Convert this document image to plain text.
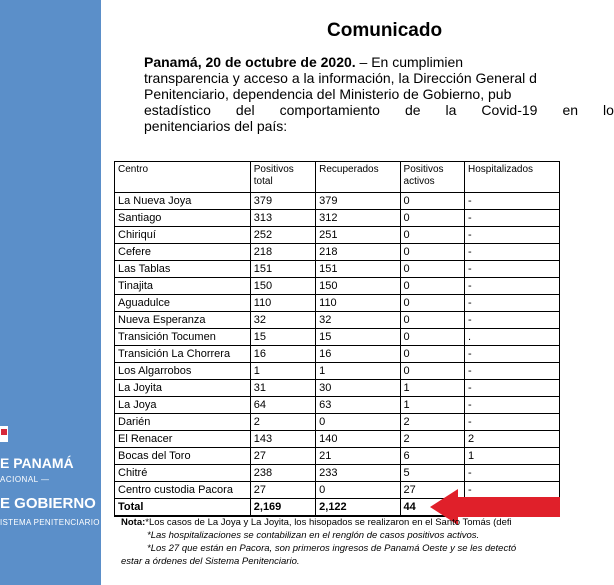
E PANAMÁ
ACIONAL —
E GOBIERNO
ISTEMA PENITENCIARIO
Comunicado
Panamá, 20 de octubre de 2020. – En cumplimien
transparencia y acceso a la información, la Dirección General d
Penitenciario, dependencia del Ministerio de Gobierno, pub
estadístico del comportamiento de la Covid-19 en lo
penitenciarios del país:
Centro	Positivos total	Recuperados	Positivos activos	Hospitalizados
La Nueva Joya	379	379	0	-
Santiago	313	312	0	-
Chiriquí	252	251	0	-
Cefere	218	218	0	-
Las Tablas	151	151	0	-
Tinajita	150	150	0	-
Aguadulce	110	110	0	-
Nueva Esperanza	32	32	0	-
Transición Tocumen	15	15	0	.
Transición La Chorrera	16	16	0	-
Los Algarrobos	1	1	0	-
La Joyita	31	30	1	-
La Joya	64	63	1	-
Darién	2	0	2	-
El Renacer	143	140	2	2
Bocas del Toro	27	21	6	1
Chitré	238	233	5	-
Centro custodia Pacora	27	0	27	-
Total	2,169	2,122	44	
Nota:*Los casos de La Joya y La Joyita, los hisopados se realizaron en el Santo Tomás (defi
*Las hospitalizaciones se contabilizan en el renglón de casos positivos activos.
*Los 27 que están en Pacora, son primeros ingresos de Panamá Oeste y se les detectó
estar a órdenes del Sistema Penitenciario.
